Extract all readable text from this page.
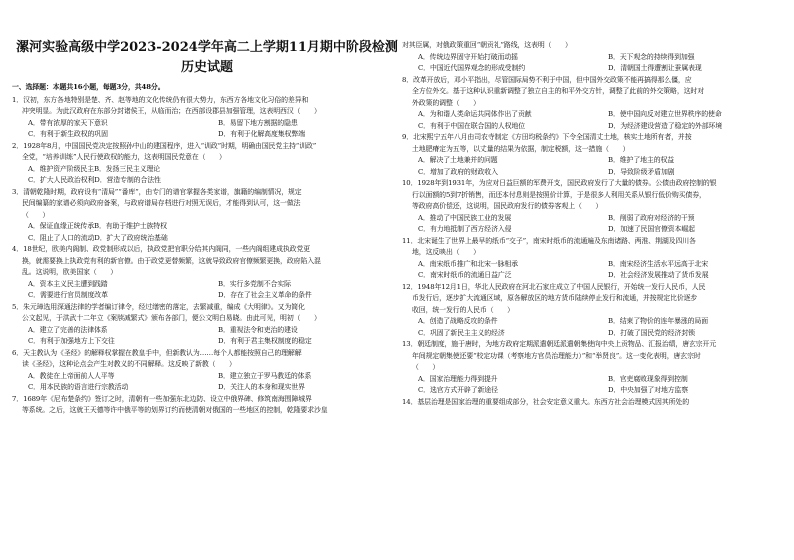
漯河实验高级中学2023-2024学年高二上学期11月期中阶段检测
历史试题
一、选择题：本题共16小题，每题3分，共48分。
1．汉初，东方各地特别是楚、齐、赵等地的文化传统仍有很大势力，东西方各地文化习俗的差异和
冲突明显。为此汉政府在东部分封诸侯王，从临而治；在西部设郡县加强管理，这表明西汉（　　）
A．带有浓厚的家天下意识	B．易留下地方割据的隐患
C．有利于新生政权的巩固	D．有利于化解高度集权弊端
2．1928年8月，中国国民党决定按照孙中山的建国程序，进入“训政”时期，明确由国民党主持“训政”
全党，“培养训练”人民行使政权的能力，这表明国民党意在（　　）
A．维护资产阶级民主B．发扬三民主义理论
C．扩大人民政治权利D．营造专制的合法性
3．清朝乾隆时期，政府设有“清局”“番库”，由专门的谱官掌握各类家谱，旗籍的编制情况，规定
民间编纂的家谱必须向政府备案，与政府谱局存档进行对照无误后，才能得到认可，这一做法
（　　）
A．保证血缘正统传承B．有助于维护士族特权
C．阻止了人口的流动D．扩大了政府统治基础
4．18世纪，欧美内阁制、政党制形成以后，执政党把官职分给其内阁同，一些内阁组建成执政党更
换，就需要换上执政党有利的新官僚。由于政党更替频繁，这就导致政府官僚频繁更换，政府陷入混
乱。这说明，欧美国家（　　）
A．资本主义民主遭到践踏	B．实行多党制不合实际
C．需要进行官员制度改革	D．存在了社会主义革命的条件
5．朱元璋选用深通法律的学者编订律令，经过缮密的落定，去繁减重，编成《大明律》。又为简化
公文起见，于洪武十二年立《案牍减繁式》颁布各部门，便公文明白易晓。由此可见，明初（　　）
A．建立了完善的法律体系	B．重视法令和吏治的建设
C．有利于加强地方上下交往	D．有利于君主集权制度的稳定
6．天主教认为《圣经》的解释权掌握在教皇手中，但新教认为……每个人都能按照自己的理解解
读《圣经》，这种论点会产生对教义的不同解释。这反映了新教（　　）
A．教徒在上帝面前人人平等	B．建立独立于罗马教廷的体系
C．用本民族的语言进行宗教活动	D．关注人的本身和现实世界
7．1689年《尼布楚条约》签订之时，清朝有一些加强东北边防、设立中俄界碑、修筑南海围障城界
等系统。之后，这就王天德等许中俄平等的划界订约而使清朝对俄国的一些地区的控制，乾隆要求沙皇
对其臣属，对俄政策重回“朝贡礼”路线，这表明（　　）
A．传统边界固守开始打破而动摇	B．天下观念的持续得到加强
C．中国近代国界观念的形成受制约	D．清朝国土得遭割让蚕属表现
8．改革开放后，邓小平指出，尽管国际局势不利于中国，但中国外交政策不能再搞得那么僵，应
全方位外交。基于这种认识重新调整了独立自主的和平外交方针，调整了此前的外交策略，这时对
外政策的调整（　　）
A．为和谐人类命运共同体作出了贡献	B．使中国向反对建立世界秩序的使命
C．有利于中国在联合国的人权地位	D．为经济建设营造了稳定的外部环境
9．北宋熙宁五年八月由司农寺制定《方田均税条约》下令全国清丈土地，核实土地所有者，并按
土地肥瘠定为五等，以丈量的结果为依据，制定税额，这一措施（　　）
A．解决了土地兼并的问题	B．维护了地主的权益
C．增加了政府的财政收入	D．导致阶级矛盾加剧
10．1928年到1931年，为应对日益巨额的军费开支，国民政府发行了大量的债券。公债由政府控制的银
行以面额的5到7折销售，而还本付息则是按照价计算，于是很多人利用关系从银行低价购买债券，
等政府高价偿还，这说明，国民政府发行的债券客观上（　　）
A．推动了中国民族工业的发展	B．削弱了政府对经济的干预
C．有力地抵制了西方经济入侵	D．加速了民国官僚资本崛起
11．北宋诞生了世界上最早的纸币“交子”，南宋时纸币的流通遍及东南诸路、两淮、荆湖及四川各
地，这反映出（　　）
A．南宋纸币推广和北宋一脉相承	B．南宋经济生活水平远高于北宋
C．南宋时纸币的流通日益广泛	D．社会经济发展推动了货币发展
12．1948年12月1日，华北人民政府在河北石家庄成立了中国人民银行，开始统一发行人民币，人民
币发行后，逐步扩大流通区域，原各解放区的地方货币陆续停止发行和流通，并按规定比价逐步
收回，统一发行的人民币（　　）
A．创造了战略反攻的条件	B．结束了物价的连年暴涨的局面
C．巩固了新民主主义的经济	D．打破了国民党的经济封锁
13．朝廷制度，施于唐时，为地方政府定期派遣朝廷派遣朝集使向中央上贡物品、汇报治绩，唐玄宗开元
年间规定朝集使还要“校定功课（考察地方官员治理能力）”和“举贤良”。这一变化表明，唐玄宗时
（　　）
A．国家治理能力得到提升	B．官吏腐败现象得到控制
C．选官方式开辟了新途径	D．中央加强了对地方监察
14．基层治理是国家治理的重要组成部分，社会安定意义重大。东西方社会治理模式因其所处的
